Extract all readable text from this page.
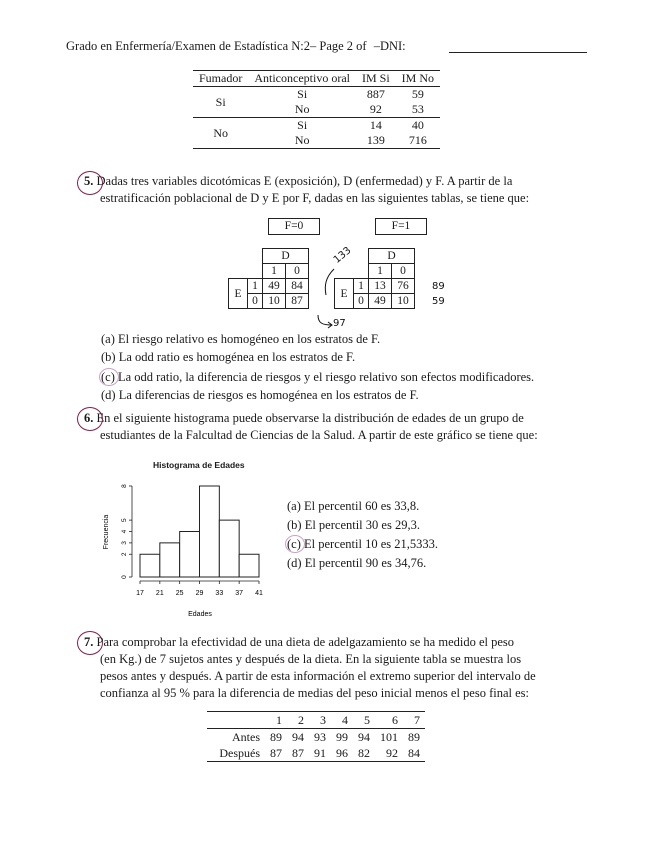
Grado en Enfermería/Examen de Estadística N:2– Page 2 of –DNI:
Fumador	Anticonceptivo oral	IM Si	IM No
Si	Si	887	59
	No	92	53
No	Si	14	40
	No	139	716
5. Dadas tres variables dicotómicas E (exposición), D (enfermedad) y F. A partir de la
estratificación poblacional de D y E por F, dadas en las siguientes tablas, se tiene que:
F=0	F=1
		D	
		1	0
E	1	49	84
	0	10	87
		D	
		1	0
E	1	13	76
	0	49	10
133
97
89
59
(a) El riesgo relativo es homogéneo en los estratos de F.
(b) La odd ratio es homogénea en los estratos de F.
(c) La odd ratio, la diferencia de riesgos y el riesgo relativo son efectos modificadores.
(d) La diferencias de riesgos es homogénea en los estratos de F.
6. En el siguiente histograma puede observarse la distribución de edades de un grupo de
estudiantes de la Falcultad de Ciencias de la Salud. A partir de este gráfico se tiene que:
Histograma de Edades
17 21 25 29 33 37 41
0
2
3
4
5
8
Edades
Frecuencia
(a) El percentil 60 es 33,8.
(b) El percentil 30 es 29,3.
(c) El percentil 10 es 21,5333.
(d) El percentil 90 es 34,76.
7. Para comprobar la efectividad de una dieta de adelgazamiento se ha medido el peso
(en Kg.) de 7 sujetos antes y después de la dieta. En la siguiente tabla se muestra los
pesos antes y después. A partir de esta información el extremo superior del intervalo de
confianza al 95 % para la diferencia de medias del peso inicial menos el peso final es:
	1	2	3	4	5	6	7
Antes	89	94	93	99	94	101	89
Después	87	87	91	96	82	92	84
